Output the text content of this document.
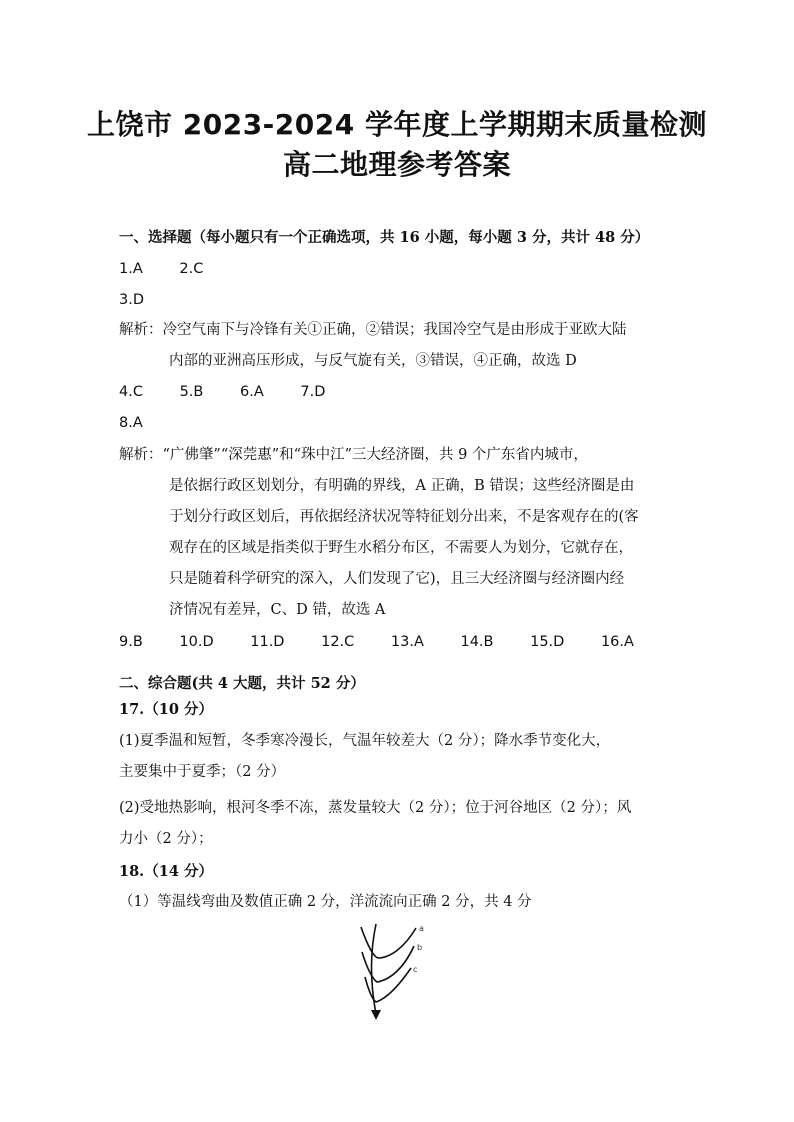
上饶市 2023-2024 学年度上学期期末质量检测
高二地理参考答案
一、选择题（每小题只有一个正确选项，共 16 小题，每小题 3 分，共计 48 分）
1.A	2.C
3.D
解析：冷空气南下与冷锋有关①正确，②错误；我国冷空气是由形成于亚欧大陆
内部的亚洲高压形成，与反气旋有关，③错误，④正确，故选 D
4.C	5.B	6.A	7.D
8.A
解析：“广佛肇”“深莞惠”和“珠中江”三大经济圈，共 9 个广东省内城市，
是依据行政区划划分，有明确的界线，A 正确，B 错误；这些经济圈是由
于划分行政区划后，再依据经济状况等特征划分出来，不是客观存在的(客
观存在的区域是指类似于野生水稻分布区，不需要人为划分，它就存在，
只是随着科学研究的深入，人们发现了它)，且三大经济圈与经济圈内经
济情况有差异，C、D 错，故选 A
9.B	10.D	11.D	12.C	13.A	14.B	15.D	16.A
二、综合题(共 4 大题，共计 52 分）
17.（10 分）
(1)夏季温和短暂，冬季寒冷漫长，气温年较差大（2 分）；降水季节变化大，
主要集中于夏季；（2 分）
(2)受地热影响，根河冬季不冻，蒸发量较大（2 分）；位于河谷地区（2 分）；风
力小（2 分）；
18.（14 分）
（1）等温线弯曲及数值正确 2 分，洋流流向正确 2 分，共 4 分
a
b
c
